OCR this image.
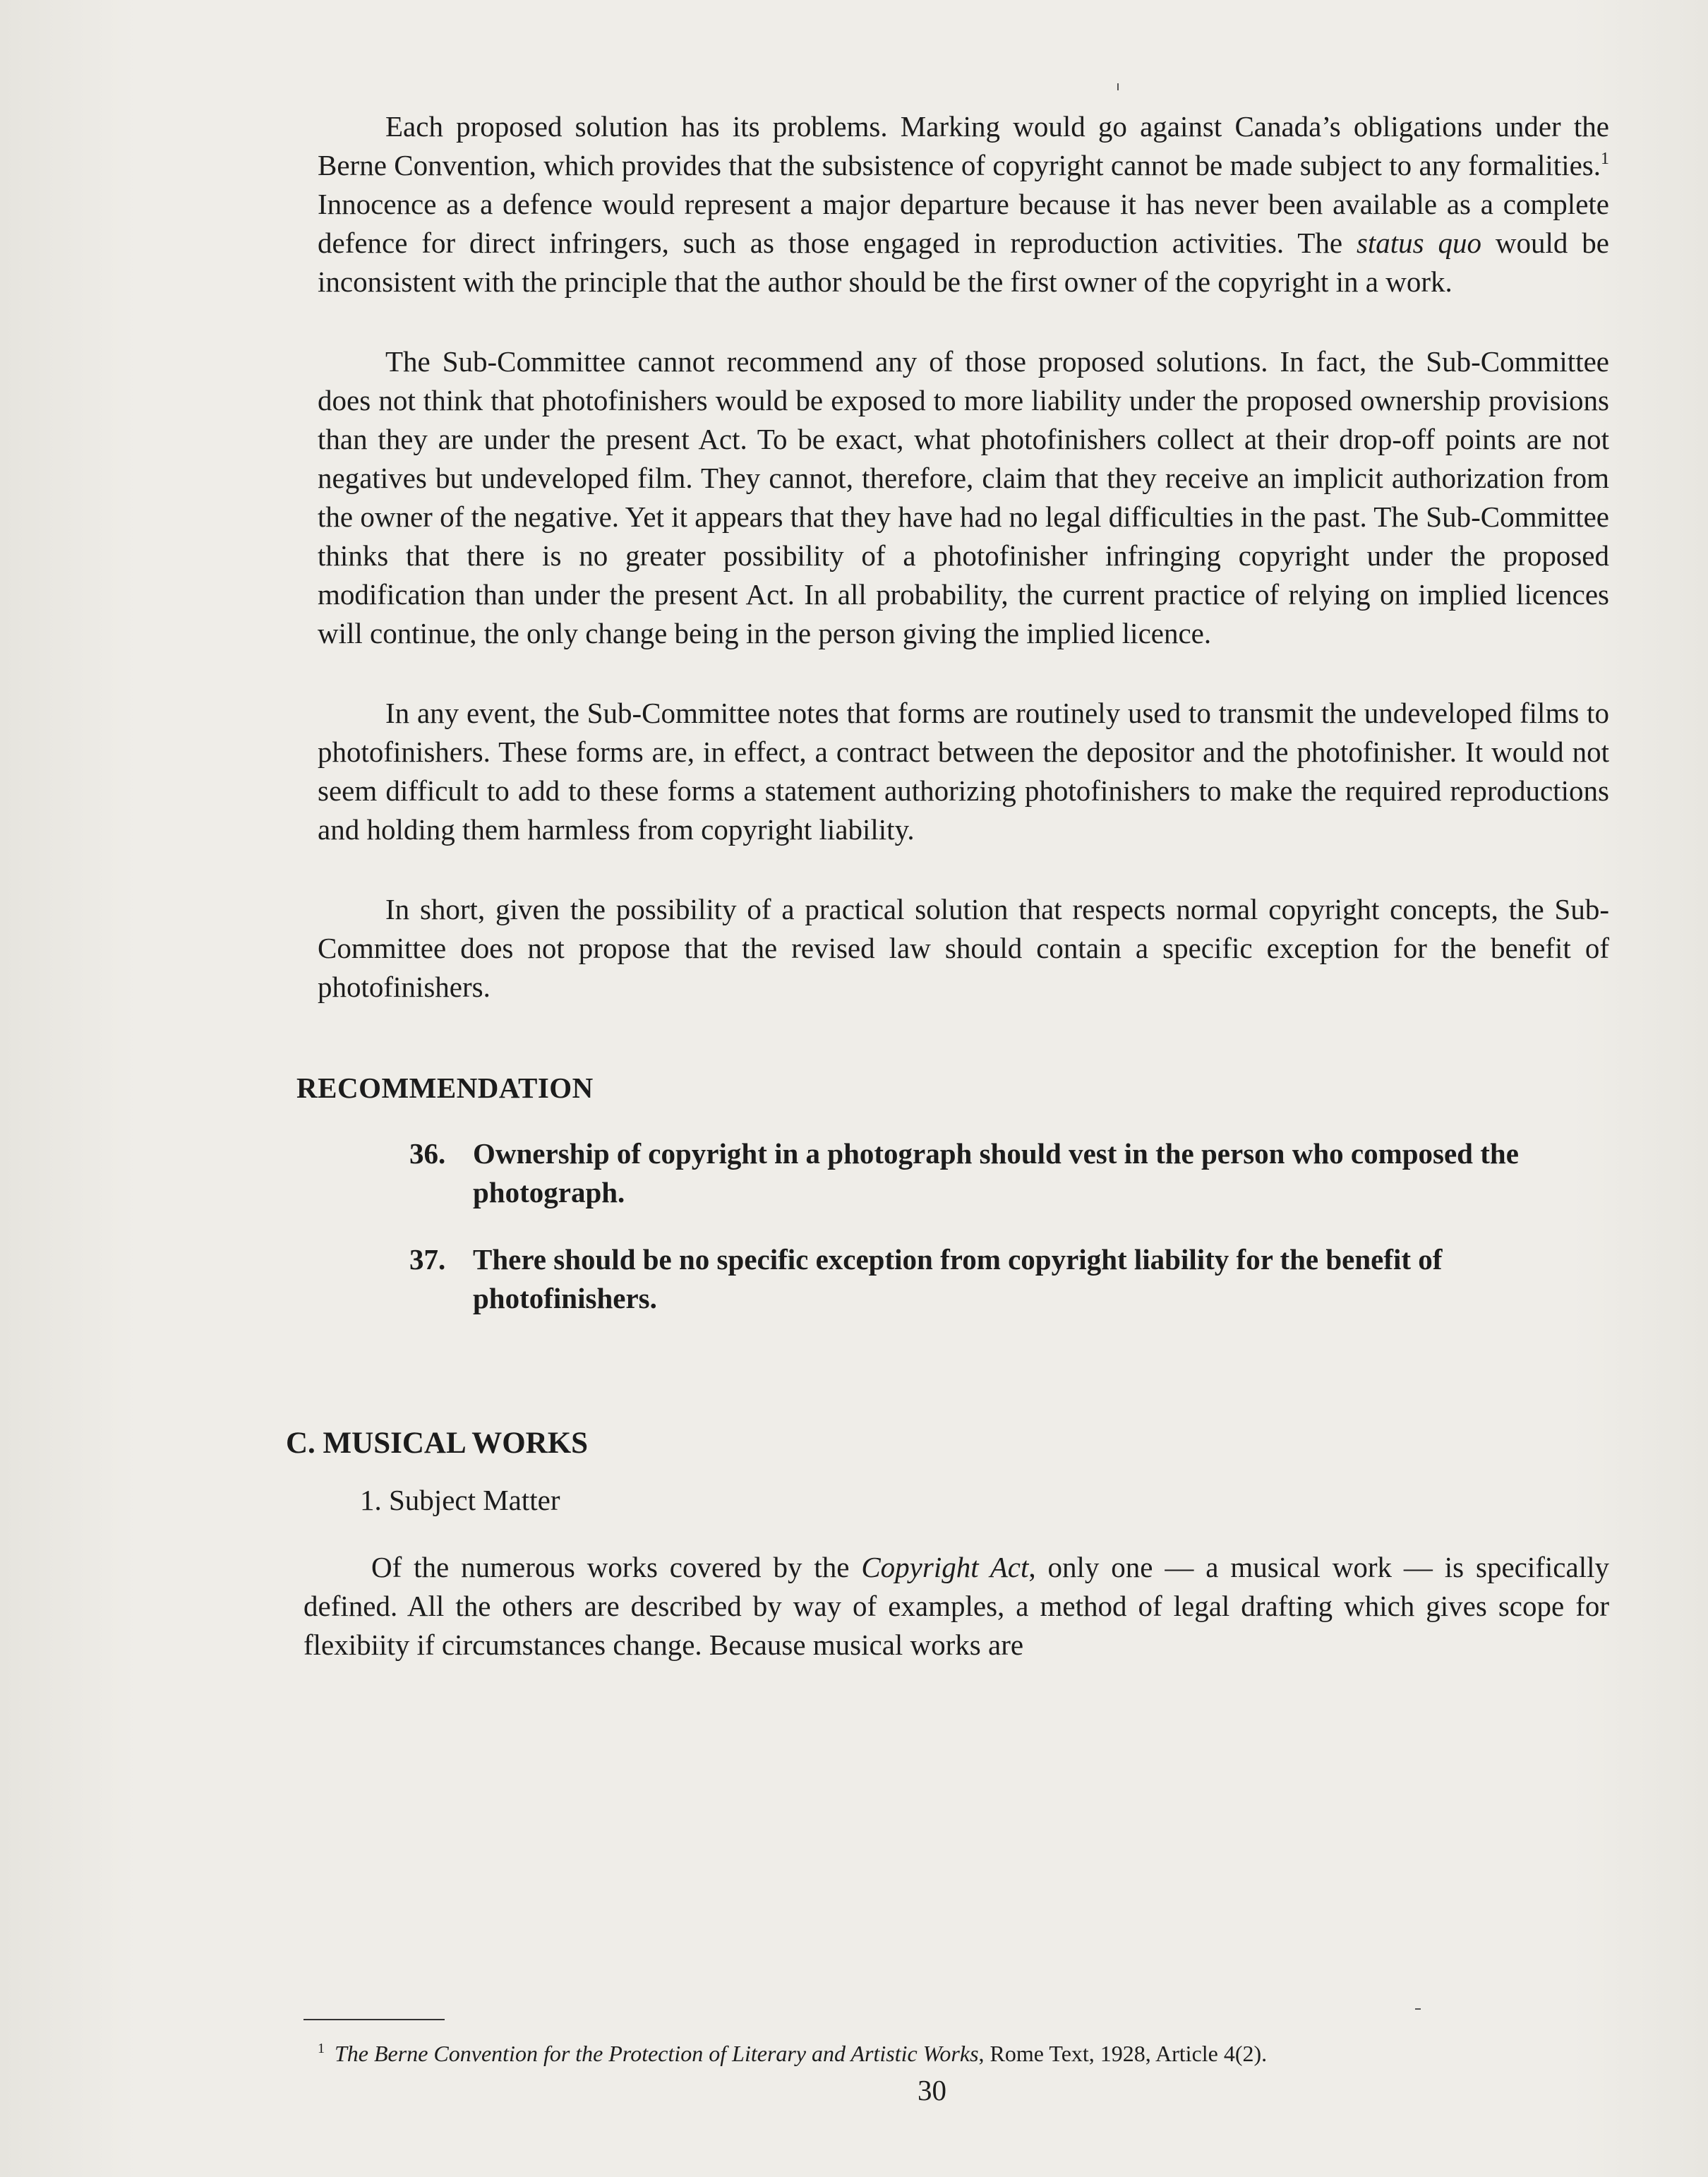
Each proposed solution has its problems. Marking would go against Canada’s obligations under the Berne Convention, which provides that the subsistence of copyright cannot be made subject to any formalities.$^1$ Innocence as a defence would represent a major departure because it has never been available as a complete defence for direct infringers, such as those engaged in reproduction activities. The status quo would be inconsistent with the principle that the author should be the first owner of the copyright in a work.

The Sub-Committee cannot recommend any of those proposed solutions. In fact, the Sub-Committee does not think that photofinishers would be exposed to more liability under the proposed ownership provisions than they are under the present Act. To be exact, what photofinishers collect at their drop-off points are not negatives but undeveloped film. They cannot, therefore, claim that they receive an implicit authorization from the owner of the negative. Yet it appears that they have had no legal difficulties in the past. The Sub-Committee thinks that there is no greater possibility of a photofinisher infringing copyright under the proposed modification than under the present Act. In all probability, the current practice of relying on implied licences will continue, the only change being in the person giving the implied licence.

In any event, the Sub-Committee notes that forms are routinely used to transmit the undeveloped films to photofinishers. These forms are, in effect, a contract between the depositor and the photofinisher. It would not seem difficult to add to these forms a statement authorizing photofinishers to make the required reproductions and holding them harmless from copyright liability.

In short, given the possibility of a practical solution that respects normal copyright concepts, the Sub-Committee does not propose that the revised law should contain a specific exception for the benefit of photofinishers.

RECOMMENDATION
36. Ownership of copyright in a photograph should vest in the person who composed the photograph.
37. There should be no specific exception from copyright liability for the benefit of photofinishers.
C. MUSICAL WORKS
1. Subject Matter

Of the numerous works covered by the Copyright Act, only one — a musical work — is specifically defined. All the others are described by way of examples, a method of legal drafting which gives scope for flexibiity if circumstances change. Because musical works are

$^1$ The Berne Convention for the Protection of Literary and Artistic Works, Rome Text, 1928, Article 4(2).
30
